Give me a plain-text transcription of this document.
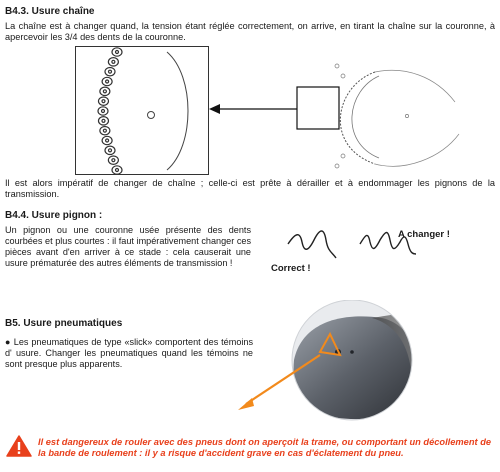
B4.3. Usure chaîne
La chaîne est à changer quand, la tension étant réglée correctement, on arrive, en tirant la chaîne sur la couronne, à apercevoir les 3/4 des dents de la couronne.
Il est alors impératif de changer de chaîne ; celle-ci est prête à dérailler et à endommager les pignons de la transmission.
B4.4. Usure pignon :
Un pignon ou une couronne usée présente des dents courbées et plus courtes : il faut impérativement changer ces pièces avant d'en arriver à ce stade : cela causerait une usure prématurée des autres éléments de transmission !	Correct !
A changer !
B5. Usure pneumatiques
● Les pneumatiques de type «slick» comportent des témoins d' usure. Changer les pneumatiques quand les témoins ne sont presque plus apparents.
Il est dangereux de rouler avec des pneus dont on aperçoit la trame, ou comportant un décollement de la bande de roulement : il y a risque d'accident grave en cas d'éclatement du pneu.
